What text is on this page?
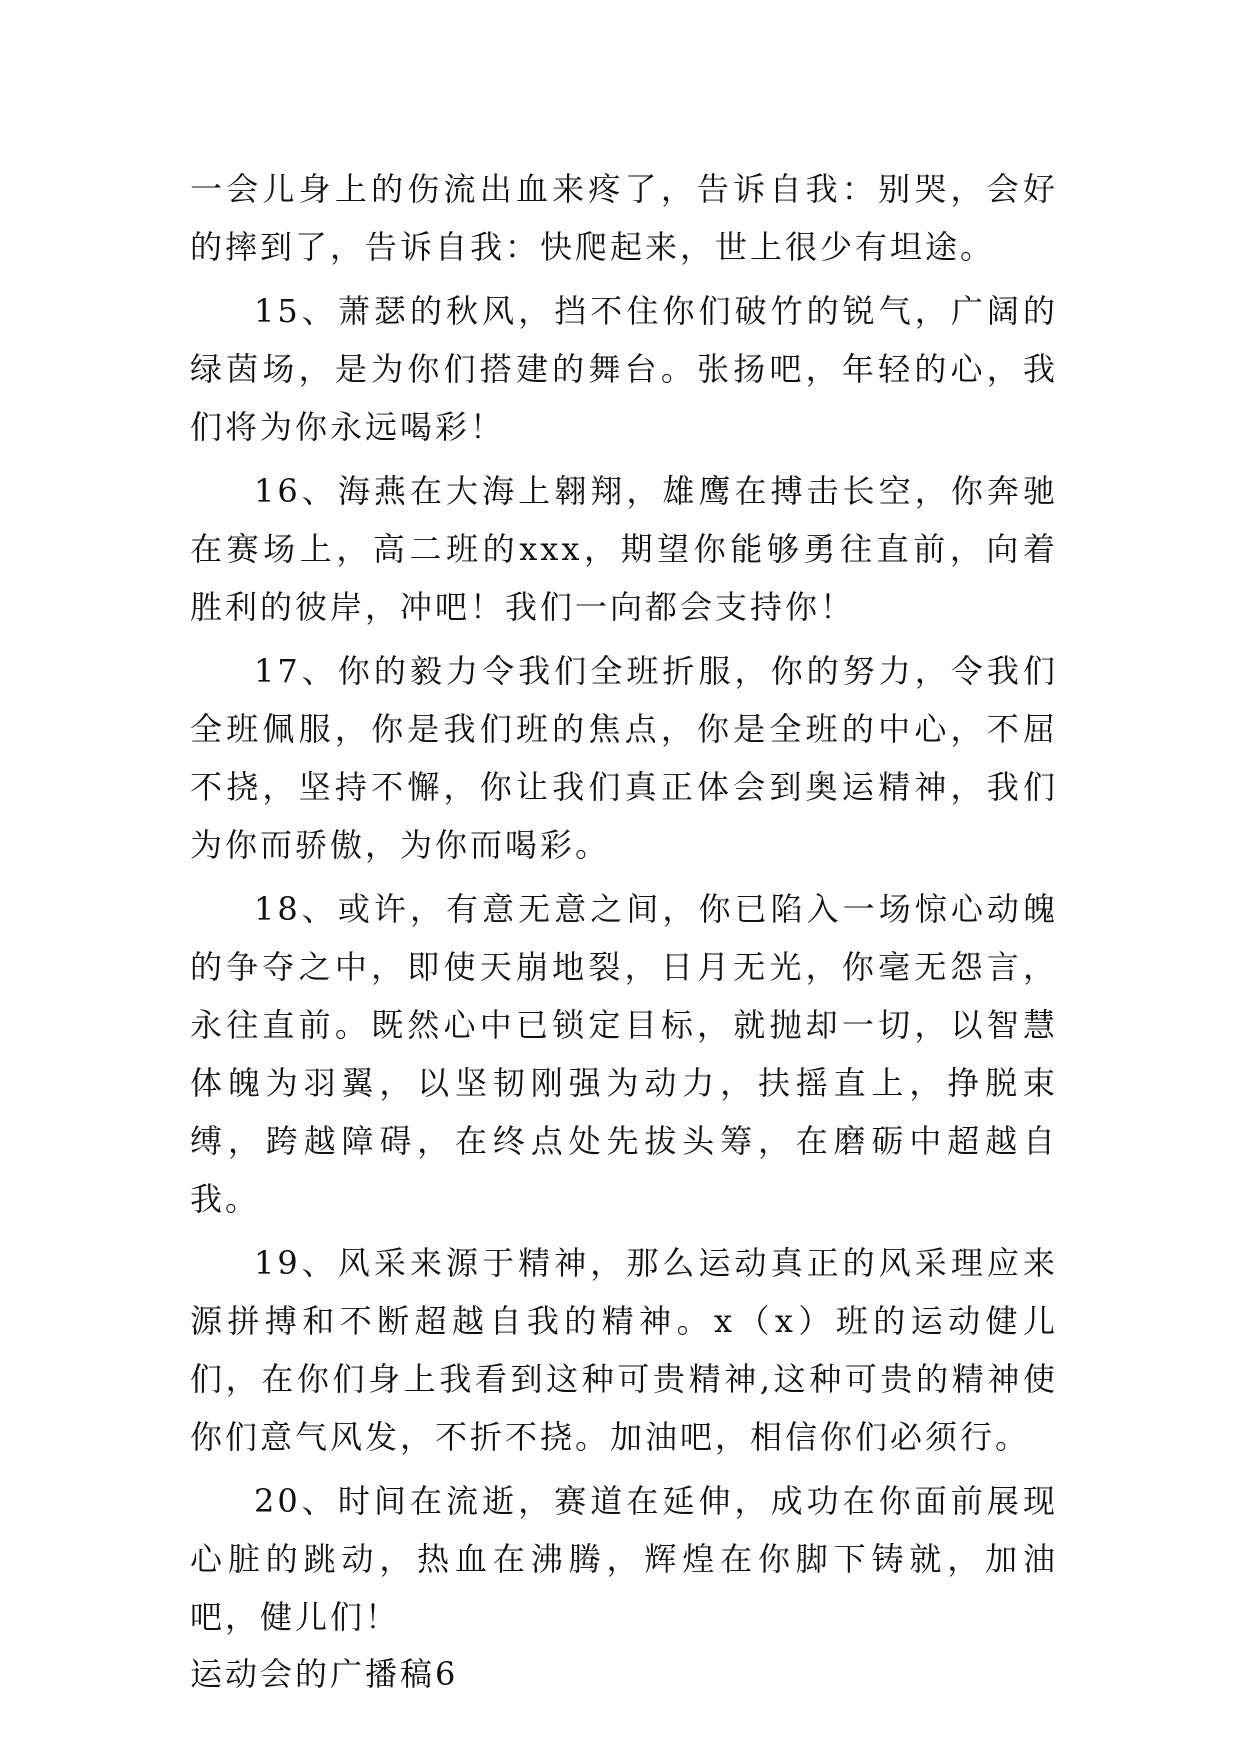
一会儿身上的伤流出血来疼了，告诉自我：别哭，会好的摔到了，告诉自我：快爬起来，世上很少有坦途。

15、萧瑟的秋风，挡不住你们破竹的锐气，广阔的绿茵场，是为你们搭建的舞台。张扬吧，年轻的心，我们将为你永远喝彩！

16、海燕在大海上翱翔，雄鹰在搏击长空，你奔驰在赛场上，高二班的xxx，期望你能够勇往直前，向着胜利的彼岸，冲吧！我们一向都会支持你！

17、你的毅力令我们全班折服，你的努力，令我们全班佩服，你是我们班的焦点，你是全班的中心，不屈不挠，坚持不懈，你让我们真正体会到奥运精神，我们为你而骄傲，为你而喝彩。

18、或许，有意无意之间，你已陷入一场惊心动魄的争夺之中，即使天崩地裂，日月无光，你毫无怨言，永往直前。既然心中已锁定目标，就抛却一切，以智慧体魄为羽翼，以坚韧刚强为动力，扶摇直上，挣脱束缚，跨越障碍，在终点处先拔头筹，在磨砺中超越自我。

19、风采来源于精神，那么运动真正的风采理应来源拼搏和不断超越自我的精神。x（x）班的运动健儿们，在你们身上我看到这种可贵精神,这种可贵的精神使你们意气风发，不折不挠。加油吧，相信你们必须行。

20、时间在流逝，赛道在延伸，成功在你面前展现心脏的跳动，热血在沸腾，辉煌在你脚下铸就，加油吧，健儿们！

运动会的广播稿6
